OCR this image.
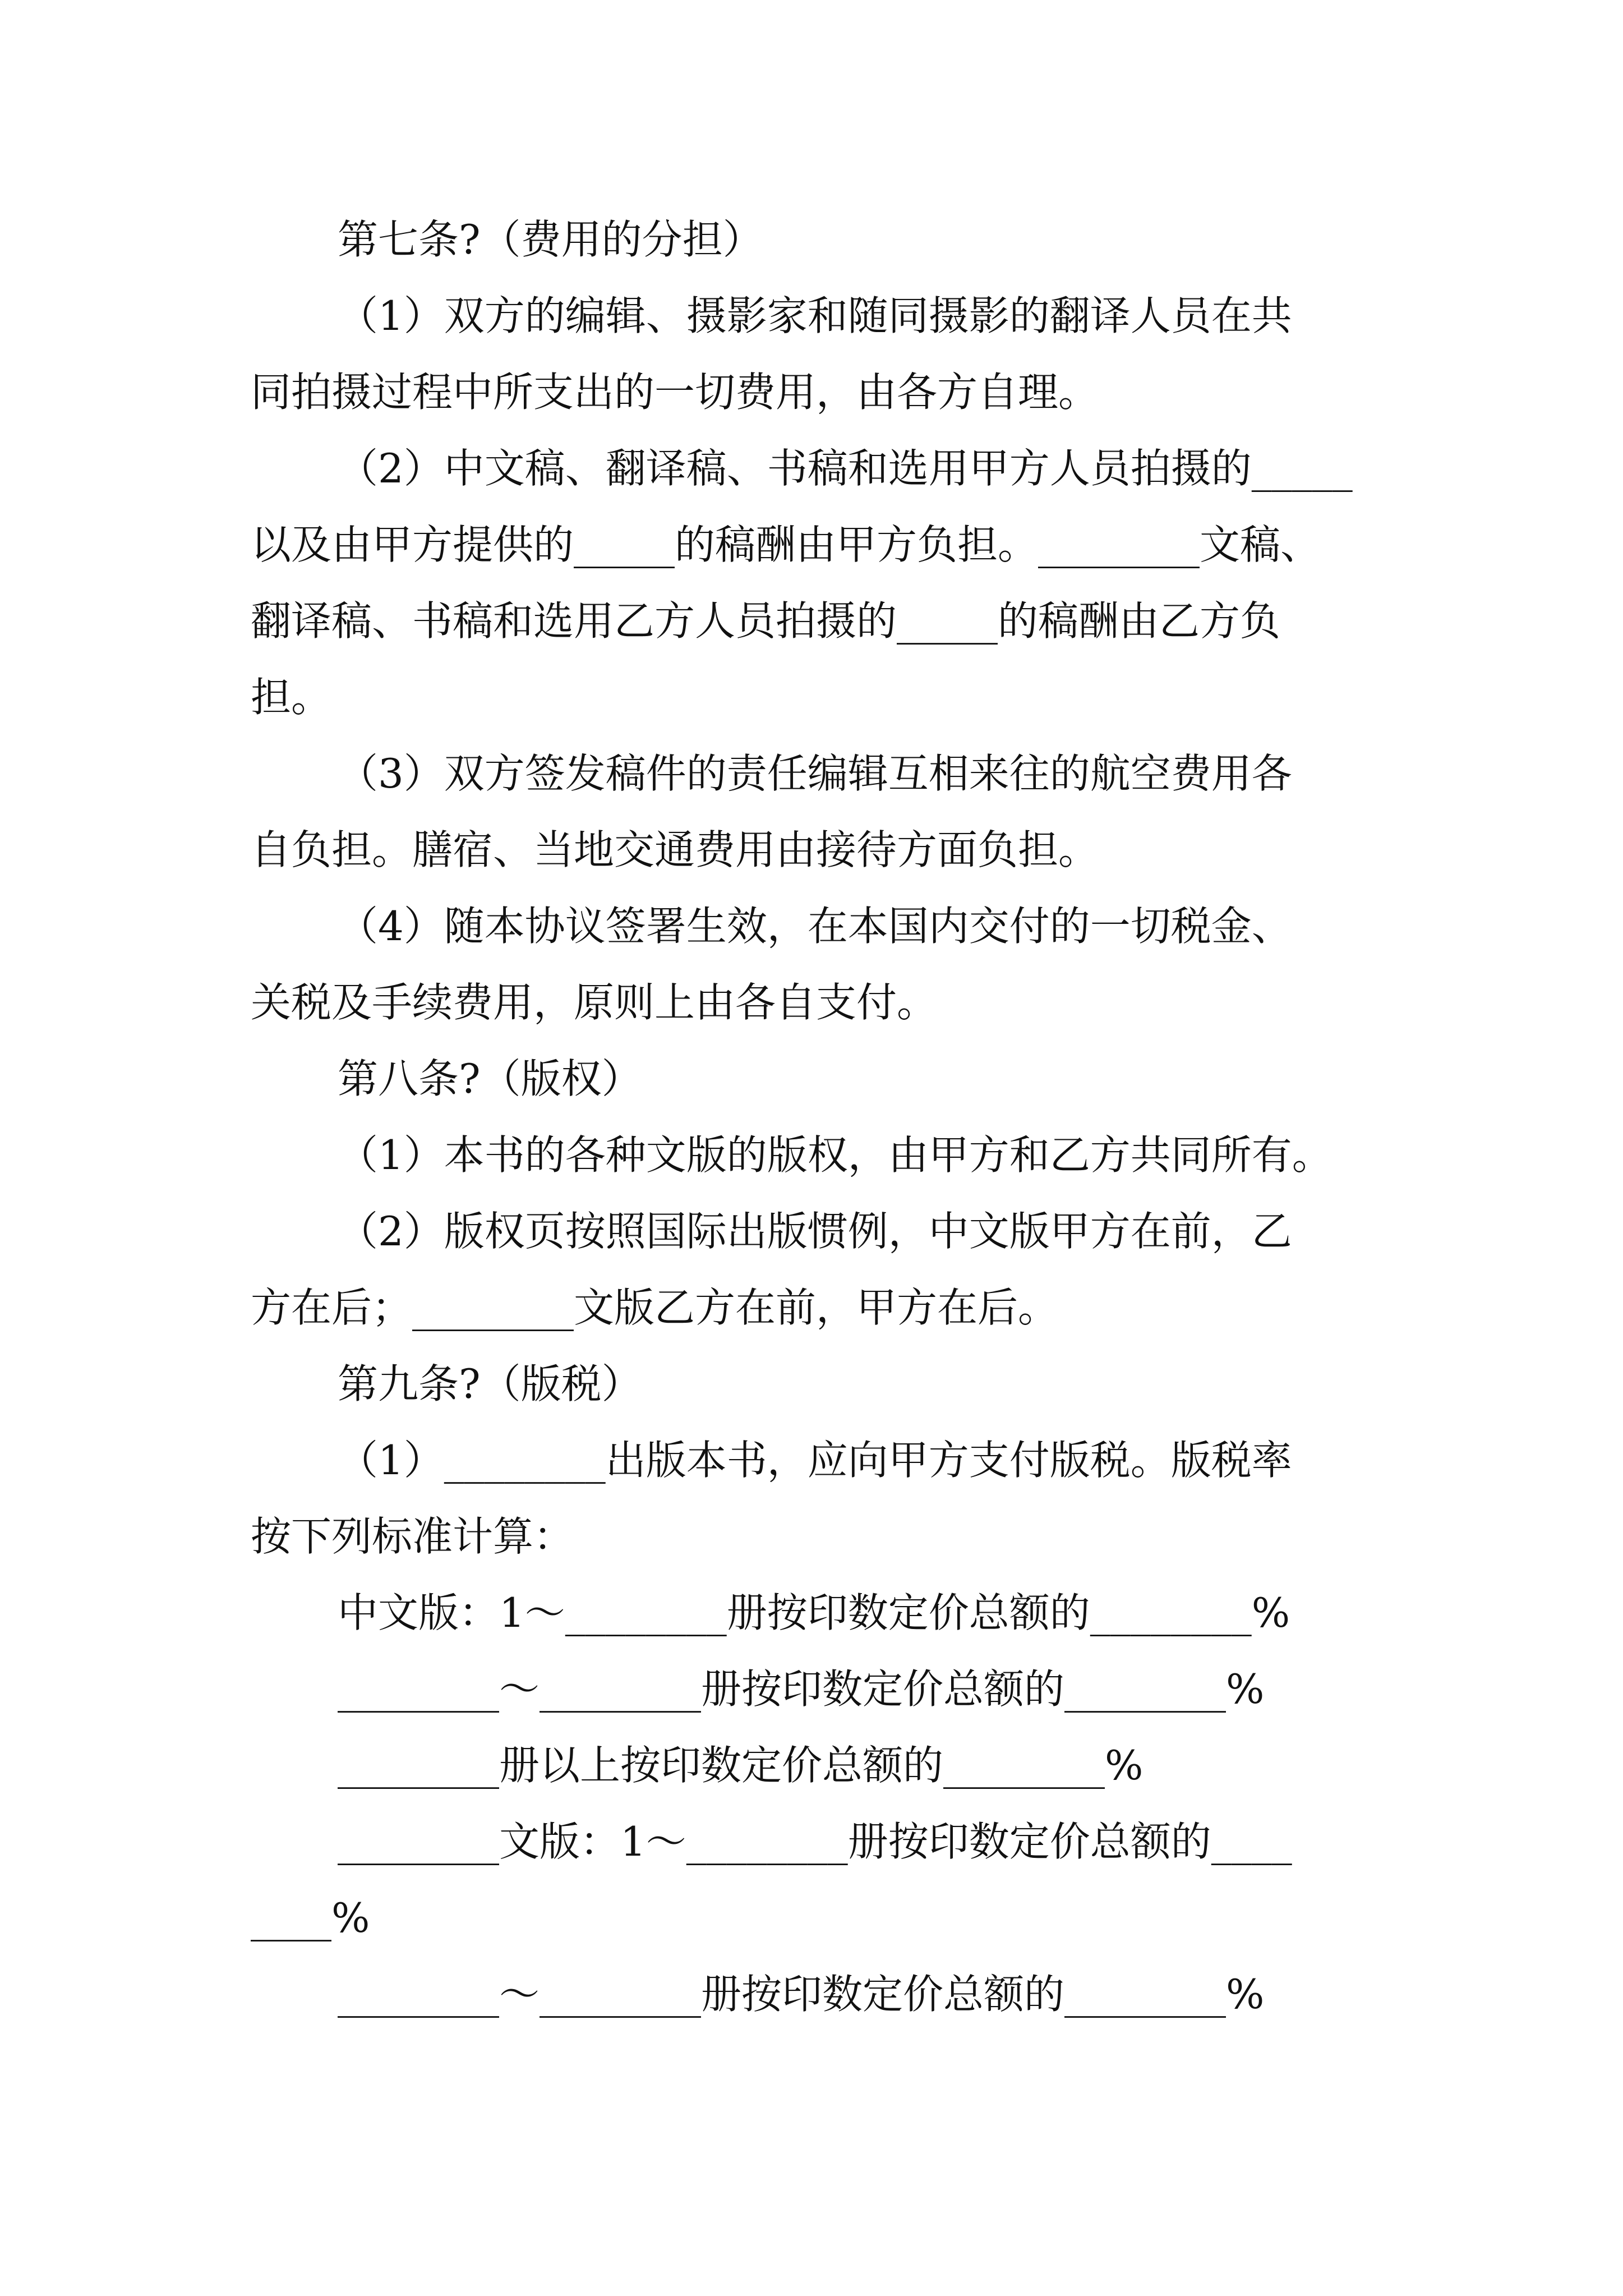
第七条?（费用的分担）
（1）双方的编辑、摄影家和随同摄影的翻译人员在共
同拍摄过程中所支出的一切费用，由各方自理。
（2）中文稿、翻译稿、书稿和选用甲方人员拍摄的_____
以及由甲方提供的_____的稿酬由甲方负担。________文稿、
翻译稿、书稿和选用乙方人员拍摄的_____的稿酬由乙方负
担。
（3）双方签发稿件的责任编辑互相来往的航空费用各
自负担。膳宿、当地交通费用由接待方面负担。
（4）随本协议签署生效，在本国内交付的一切税金、
关税及手续费用，原则上由各自支付。
第八条?（版权）
（1）本书的各种文版的版权，由甲方和乙方共同所有。
（2）版权页按照国际出版惯例，中文版甲方在前，乙
方在后；________文版乙方在前，甲方在后。
第九条?（版税）
（1）________出版本书，应向甲方支付版税。版税率
按下列标准计算：
中文版：1～________册按印数定价总额的________%
________～________册按印数定价总额的________%
________册以上按印数定价总额的________%
________文版：1～________册按印数定价总额的____
____%
________～________册按印数定价总额的________%
